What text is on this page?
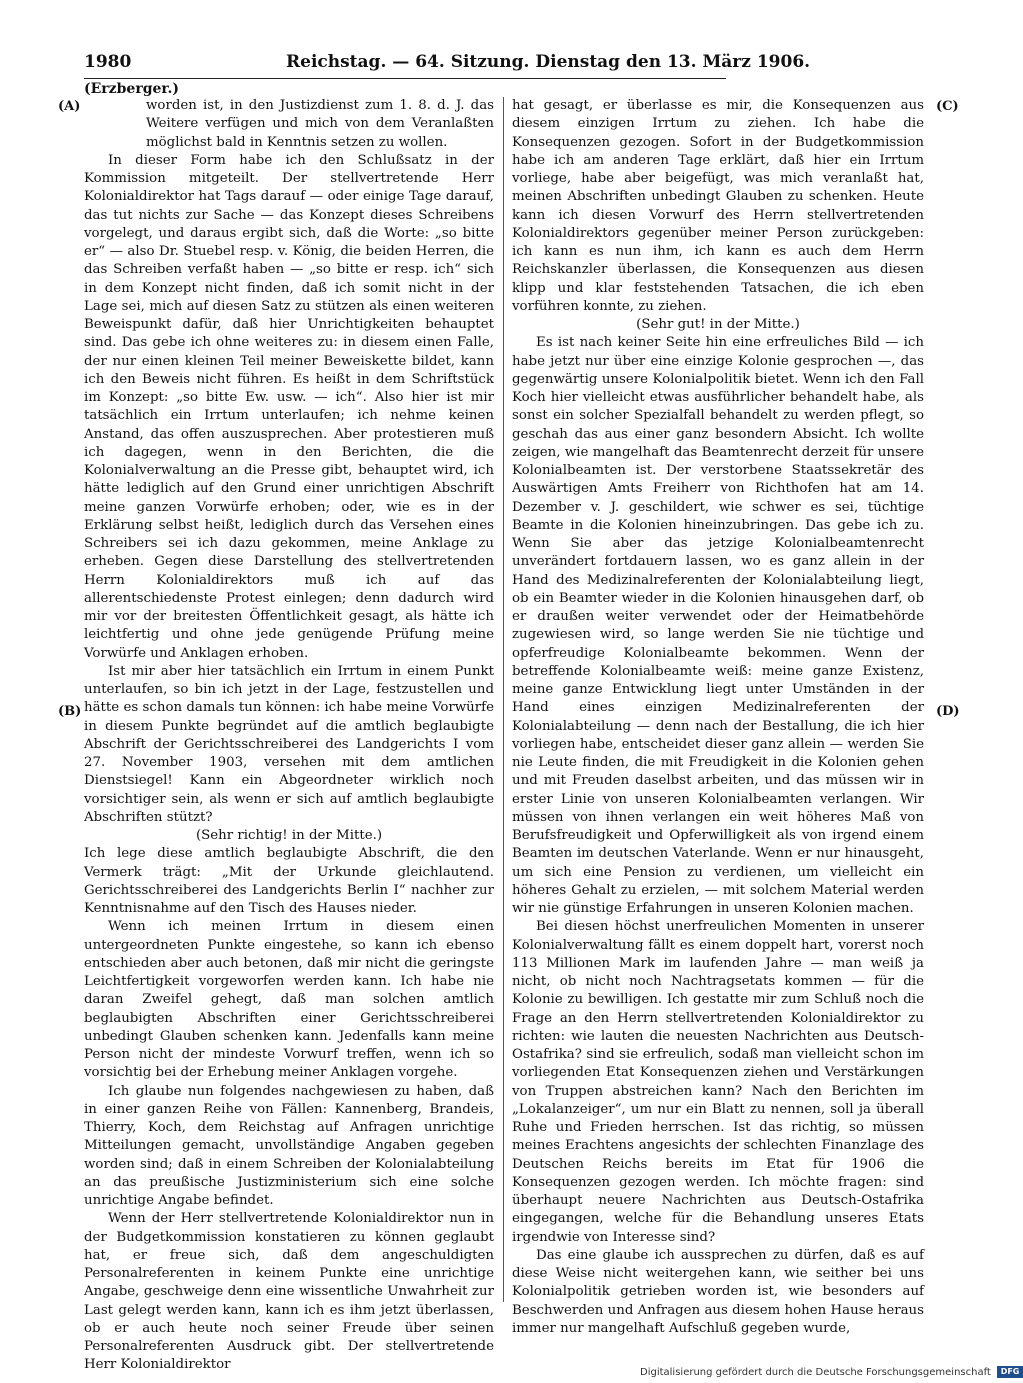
1980	Reichstag. — 64. Sitzung. Dienstag den 13. März 1906.
(Erzberger.)
(A)
(B)
(C)
(D)

worden ist, in den Justizdienst zum 1. 8. d. J. das Weitere verfügen und mich von dem Veranlaßten möglichst bald in Kenntnis setzen zu wollen.

In dieser Form habe ich den Schlußsatz in der Kommission mitgeteilt. Der stellvertretende Herr Kolonialdirektor hat Tags darauf — oder einige Tage darauf, das tut nichts zur Sache — das Konzept dieses Schreibens vorgelegt, und daraus ergibt sich, daß die Worte: „so bitte er“ — also Dr. Stuebel resp. v. König, die beiden Herren, die das Schreiben verfaßt haben — „so bitte er resp. ich“ sich in dem Konzept nicht finden, daß ich somit nicht in der Lage sei, mich auf diesen Satz zu stützen als einen weiteren Beweispunkt dafür, daß hier Unrichtigkeiten behauptet sind. Das gebe ich ohne weiteres zu: in diesem einen Falle, der nur einen kleinen Teil meiner Beweiskette bildet, kann ich den Beweis nicht führen. Es heißt in dem Schriftstück im Konzept: „so bitte Ew. usw. — ich“. Also hier ist mir tatsächlich ein Irrtum unterlaufen; ich nehme keinen Anstand, das offen auszusprechen. Aber protestieren muß ich dagegen, wenn in den Berichten, die die Kolonialverwaltung an die Presse gibt, behauptet wird, ich hätte lediglich auf den Grund einer unrichtigen Abschrift meine ganzen Vorwürfe erhoben; oder, wie es in der Erklärung selbst heißt, lediglich durch das Versehen eines Schreibers sei ich dazu gekommen, meine Anklage zu erheben. Gegen diese Darstellung des stellvertretenden Herrn Kolonialdirektors muß ich auf das allerentschiedenste Protest einlegen; denn dadurch wird mir vor der breitesten Öffentlichkeit gesagt, als hätte ich leichtfertig und ohne jede genügende Prüfung meine Vorwürfe und Anklagen erhoben.

Ist mir aber hier tatsächlich ein Irrtum in einem Punkt unterlaufen, so bin ich jetzt in der Lage, festzustellen und hätte es schon damals tun können: ich habe meine Vorwürfe in diesem Punkte begründet auf die amtlich beglaubigte Abschrift der Gerichtsschreiberei des Landgerichts I vom 27. November 1903, versehen mit dem amtlichen Dienstsiegel! Kann ein Abgeordneter wirklich noch vorsichtiger sein, als wenn er sich auf amtlich beglaubigte Abschriften stützt?

(Sehr richtig! in der Mitte.)

Ich lege diese amtlich beglaubigte Abschrift, die den Vermerk trägt: „Mit der Urkunde gleichlautend. Gerichtsschreiberei des Landgerichts Berlin I“ nachher zur Kenntnisnahme auf den Tisch des Hauses nieder.

Wenn ich meinen Irrtum in diesem einen untergeordneten Punkte eingestehe, so kann ich ebenso entschieden aber auch betonen, daß mir nicht die geringste Leichtfertigkeit vorgeworfen werden kann. Ich habe nie daran Zweifel gehegt, daß man solchen amtlich beglaubigten Abschriften einer Gerichtsschreiberei unbedingt Glauben schenken kann. Jedenfalls kann meine Person nicht der mindeste Vorwurf treffen, wenn ich so vorsichtig bei der Erhebung meiner Anklagen vorgehe.

Ich glaube nun folgendes nachgewiesen zu haben, daß in einer ganzen Reihe von Fällen: Kannenberg, Brandeis, Thierry, Koch, dem Reichstag auf Anfragen unrichtige Mitteilungen gemacht, unvollständige Angaben gegeben worden sind; daß in einem Schreiben der Kolonialabteilung an das preußische Justizministerium sich eine solche unrichtige Angabe befindet.

Wenn der Herr stellvertretende Kolonialdirektor nun in der Budgetkommission konstatieren zu können geglaubt hat, er freue sich, daß dem angeschuldigten Personalreferenten in keinem Punkte eine unrichtige Angabe, geschweige denn eine wissentliche Unwahrheit zur Last gelegt werden kann, kann ich es ihm jetzt überlassen, ob er auch heute noch seiner Freude über seinen Personalreferenten Ausdruck gibt. Der stellvertretende Herr Kolonialdirektor

hat gesagt, er überlasse es mir, die Konsequenzen aus diesem einzigen Irrtum zu ziehen. Ich habe die Konsequenzen gezogen. Sofort in der Budgetkommission habe ich am anderen Tage erklärt, daß hier ein Irrtum vorliege, habe aber beigefügt, was mich veranlaßt hat, meinen Abschriften unbedingt Glauben zu schenken. Heute kann ich diesen Vorwurf des Herrn stellvertretenden Kolonialdirektors gegenüber meiner Person zurückgeben: ich kann es nun ihm, ich kann es auch dem Herrn Reichskanzler überlassen, die Konsequenzen aus diesen klipp und klar feststehenden Tatsachen, die ich eben vorführen konnte, zu ziehen.

(Sehr gut! in der Mitte.)

Es ist nach keiner Seite hin eine erfreuliches Bild — ich habe jetzt nur über eine einzige Kolonie gesprochen —, das gegenwärtig unsere Kolonialpolitik bietet. Wenn ich den Fall Koch hier vielleicht etwas ausführlicher behandelt habe, als sonst ein solcher Spezialfall behandelt zu werden pflegt, so geschah das aus einer ganz besondern Absicht. Ich wollte zeigen, wie mangelhaft das Beamtenrecht derzeit für unsere Kolonialbeamten ist. Der verstorbene Staatssekretär des Auswärtigen Amts Freiherr von Richthofen hat am 14. Dezember v. J. geschildert, wie schwer es sei, tüchtige Beamte in die Kolonien hineinzubringen. Das gebe ich zu. Wenn Sie aber das jetzige Kolonialbeamtenrecht unverändert fortdauern lassen, wo es ganz allein in der Hand des Medizinalreferenten der Kolonialabteilung liegt, ob ein Beamter wieder in die Kolonien hinausgehen darf, ob er draußen weiter verwendet oder der Heimatbehörde zugewiesen wird, so lange werden Sie nie tüchtige und opferfreudige Kolonialbeamte bekommen. Wenn der betreffende Kolonialbeamte weiß: meine ganze Existenz, meine ganze Entwicklung liegt unter Umständen in der Hand eines einzigen Medizinalreferenten der Kolonialabteilung — denn nach der Bestallung, die ich hier vorliegen habe, entscheidet dieser ganz allein — werden Sie nie Leute finden, die mit Freudigkeit in die Kolonien gehen und mit Freuden daselbst arbeiten, und das müssen wir in erster Linie von unseren Kolonialbeamten verlangen. Wir müssen von ihnen verlangen ein weit höheres Maß von Berufsfreudigkeit und Opferwilligkeit als von irgend einem Beamten im deutschen Vaterlande. Wenn er nur hinausgeht, um sich eine Pension zu verdienen, um vielleicht ein höheres Gehalt zu erzielen, — mit solchem Material werden wir nie günstige Erfahrungen in unseren Kolonien machen.

Bei diesen höchst unerfreulichen Momenten in unserer Kolonialverwaltung fällt es einem doppelt hart, vorerst noch 113 Millionen Mark im laufenden Jahre — man weiß ja nicht, ob nicht noch Nachtragsetats kommen — für die Kolonie zu bewilligen. Ich gestatte mir zum Schluß noch die Frage an den Herrn stellvertretenden Kolonialdirektor zu richten: wie lauten die neuesten Nachrichten aus Deutsch-Ostafrika? sind sie erfreulich, sodaß man vielleicht schon im vorliegenden Etat Konsequenzen ziehen und Verstärkungen von Truppen abstreichen kann? Nach den Berichten im „Lokalanzeiger“, um nur ein Blatt zu nennen, soll ja überall Ruhe und Frieden herrschen. Ist das richtig, so müssen meines Erachtens angesichts der schlechten Finanzlage des Deutschen Reichs bereits im Etat für 1906 die Konsequenzen gezogen werden. Ich möchte fragen: sind überhaupt neuere Nachrichten aus Deutsch-Ostafrika eingegangen, welche für die Behandlung unseres Etats irgendwie von Interesse sind?

Das eine glaube ich aussprechen zu dürfen, daß es auf diese Weise nicht weitergehen kann, wie seither bei uns Kolonialpolitik getrieben worden ist, wie besonders auf Beschwerden und Anfragen aus diesem hohen Hause heraus immer nur mangelhaft Aufschluß gegeben wurde,

Digitalisierung gefördert durch die Deutsche Forschungsgemeinschaft DFG
